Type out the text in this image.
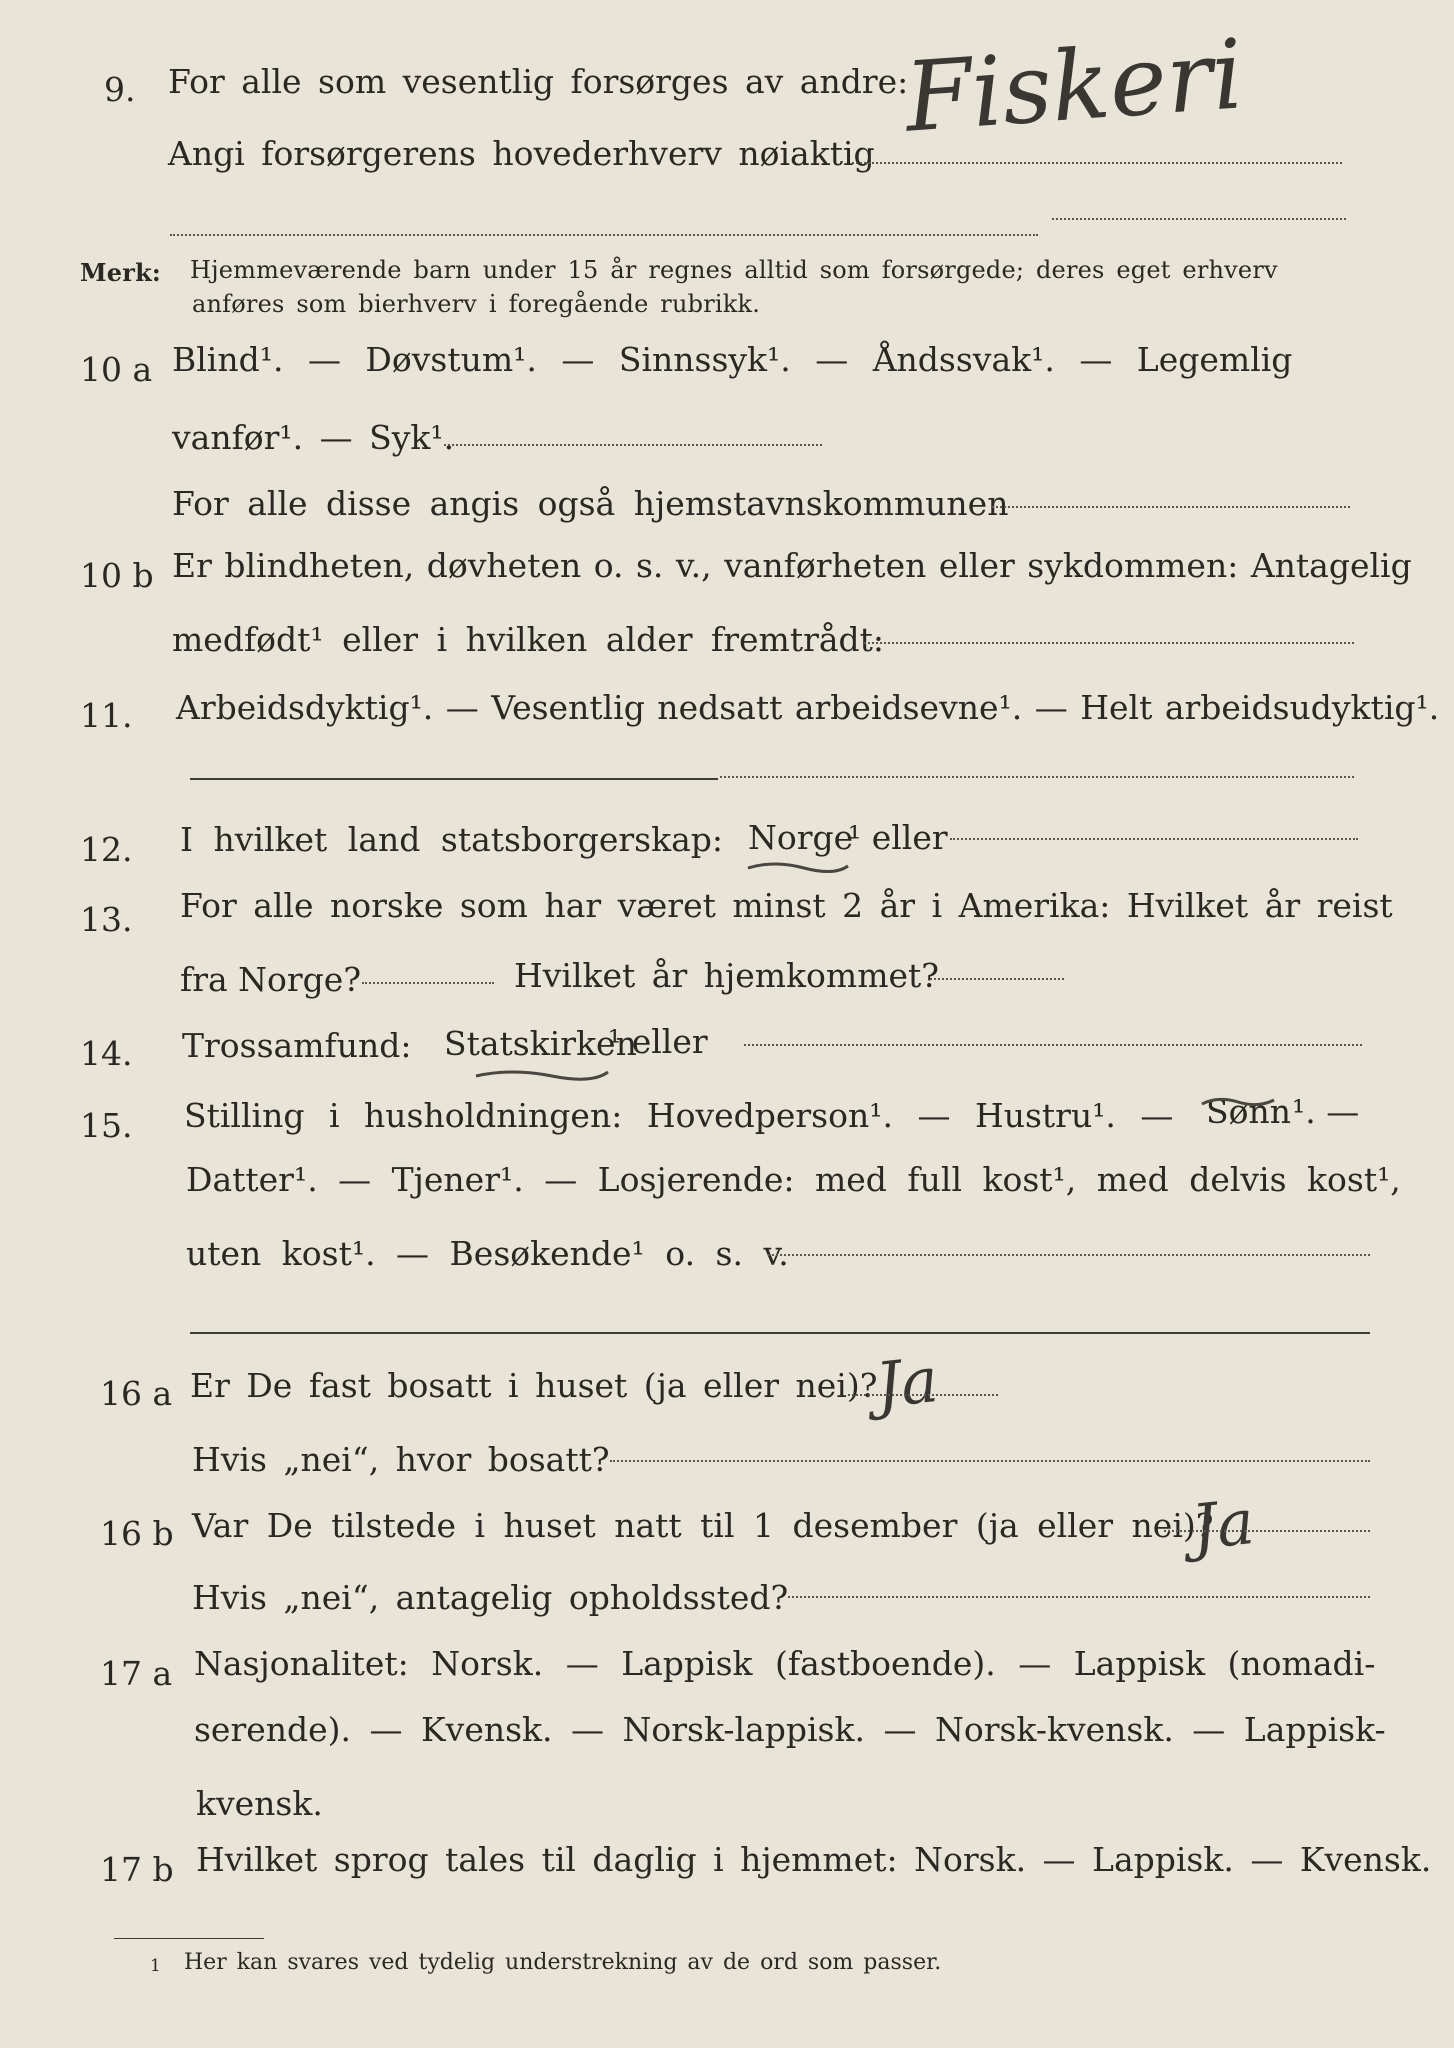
9. For alle som vesentlig forsørges av andre:
Angi forsørgerens hovederhverv nøiaktig Fiskeri
Merk: Hjemmeværende barn under 15 år regnes alltid som forsørgede; deres eget erhverv
anføres som bierhverv i foregående rubrikk.
10 a Blind¹. — Døvstum¹. — Sinnssyk¹. — Åndssvak¹. — Legemlig
vanfør¹. — Syk¹.
For alle disse angis også hjemstavnskommunen
10 b Er blindheten, døvheten o. s. v., vanførheten eller sykdommen: Antagelig
medfødt¹ eller i hvilken alder fremtrådt:
11. Arbeidsdyktig¹. — Vesentlig nedsatt arbeidsevne¹. — Helt arbeidsudyktig¹.
12. I hvilket land statsborgerskap: Norge
¹ eller
13. For alle norske som har været minst 2 år i Amerika: Hvilket år reist
fra Norge?	Hvilket år hjemkommet?
14. Trossamfund: Statskirken
¹ eller
15. Stilling i husholdningen: Hovedperson¹. — Hustru¹. — Sønn ¹. —
Datter¹. — Tjener¹. — Losjerende: med full kost¹, med delvis kost¹,
uten kost¹. — Besøkende¹ o. s. v.
16 a Er De fast bosatt i huset (ja eller nei)?
Ja
Hvis „nei“, hvor bosatt?
16 b Var De tilstede i huset natt til 1 desember (ja eller nei)?
Ja
Hvis „nei“, antagelig opholdssted?
17 a Nasjonalitet: Norsk. — Lappisk (fastboende). — Lappisk (nomadi-
serende). — Kvensk. — Norsk-lappisk. — Norsk-kvensk. — Lappisk-
kvensk.
17 b Hvilket sprog tales til daglig i hjemmet: Norsk. — Lappisk. — Kvensk.
1 Her kan svares ved tydelig understrekning av de ord som passer.
